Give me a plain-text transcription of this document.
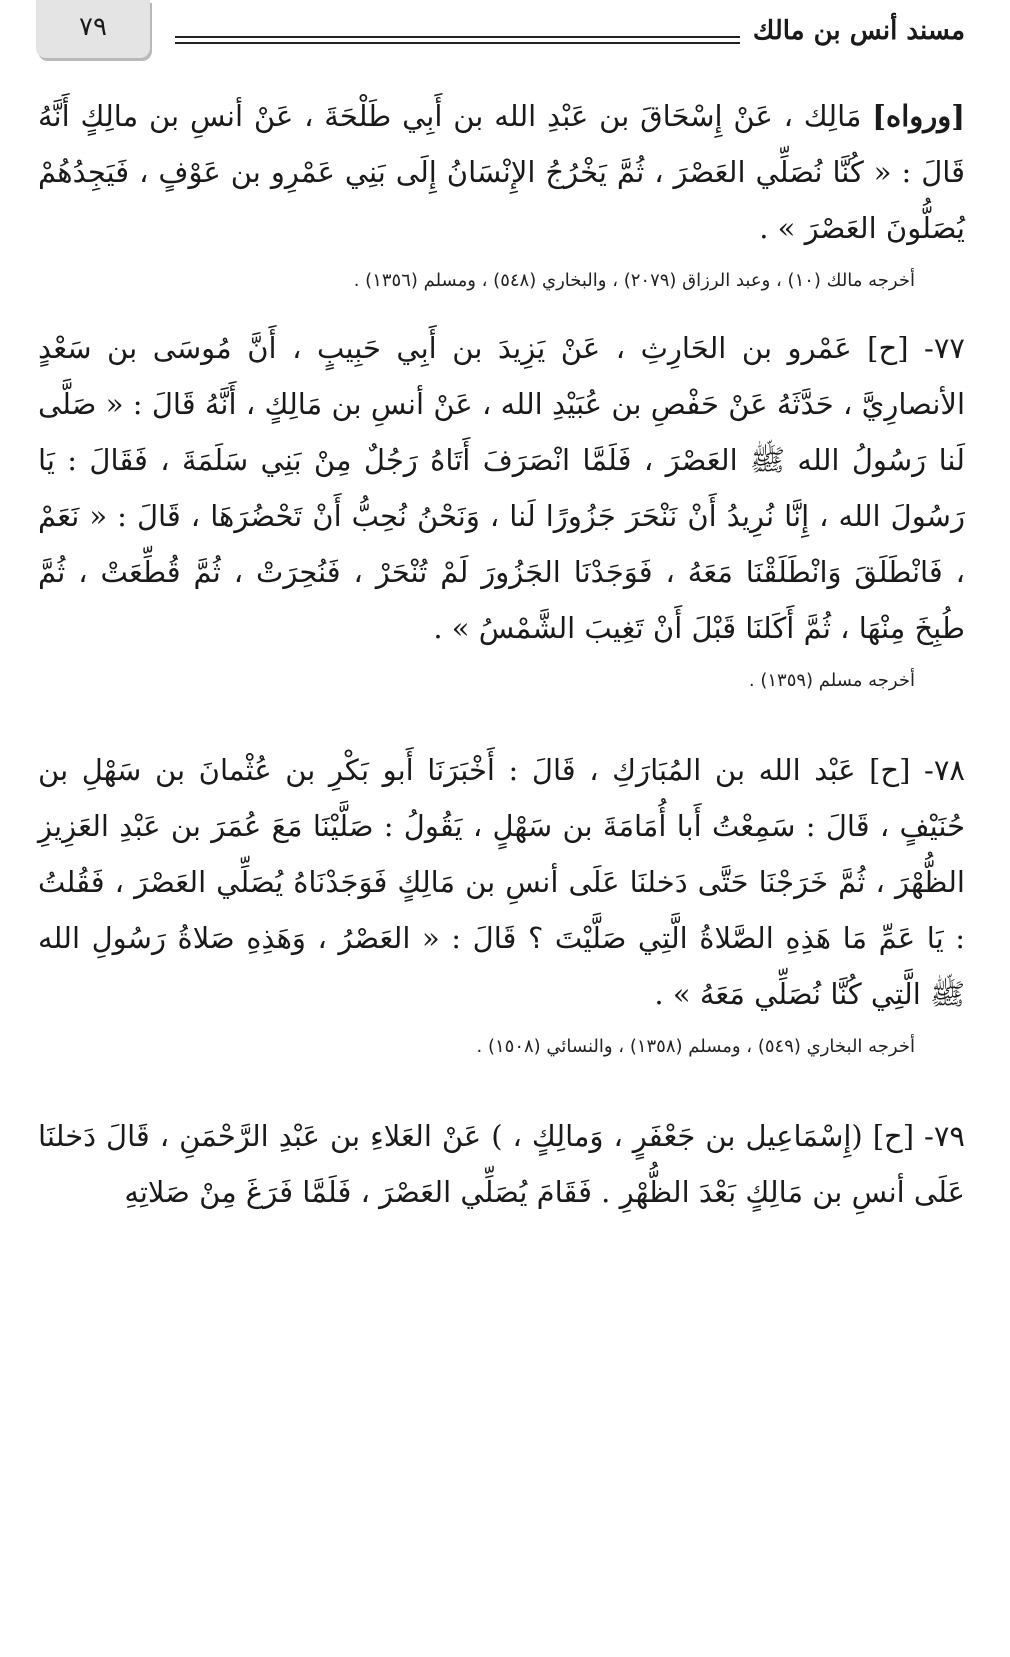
٧٩	مسند أنس بن مالك

[ورواه] مَالِك ، عَنْ إِسْحَاقَ بن عَبْدِ الله بن أَبِي طَلْحَةَ ، عَنْ أنسِ بن مالِكٍ أَنَّهُ قَالَ : « كُنَّا نُصَلِّي العَصْرَ ، ثُمَّ يَخْرُجُ الإِنْسَانُ إِلَى بَنِي عَمْرِو بن عَوْفٍ ، فَيَجِدُهُمْ يُصَلُّونَ العَصْرَ » .

أخرجه مالك (١٠) ، وعبد الرزاق (٢٠٧٩) ، والبخاري (٥٤٨) ، ومسلم (١٣٥٦) .

٧٧- [ح] عَمْرو بن الحَارِثِ ، عَنْ يَزِيدَ بن أَبِي حَبِيبٍ ، أَنَّ مُوسَى بن سَعْدٍ الأنصارِيَّ ، حَدَّثَهُ عَنْ حَفْصِ بن عُبَيْدِ الله ، عَنْ أنسِ بن مَالِكٍ ، أَنَّهُ قَالَ : « صَلَّى لَنا رَسُولُ الله ﷺ العَصْرَ ، فَلَمَّا انْصَرَفَ أَتَاهُ رَجُلٌ مِنْ بَنِي سَلَمَةَ ، فَقَالَ : يَا رَسُولَ الله ، إِنَّا نُرِيدُ أَنْ نَنْحَرَ جَزُورًا لَنا ، وَنَحْنُ نُحِبُّ أَنْ تَحْضُرَهَا ، قَالَ : « نَعَمْ ، فَانْطَلَقَ وَانْطَلَقْنَا مَعَهُ ، فَوَجَدْنَا الجَزُورَ لَمْ تُنْحَرْ ، فَنُحِرَتْ ، ثُمَّ قُطِّعَتْ ، ثُمَّ طُبِخَ مِنْهَا ، ثُمَّ أَكَلنَا قَبْلَ أَنْ تَغِيبَ الشَّمْسُ » .

أخرجه مسلم (١٣٥٩) .

٧٨- [ح] عَبْد الله بن المُبَارَكِ ، قَالَ : أَخْبَرَنَا أَبو بَكْرِ بن عُثْمانَ بن سَهْلِ بن حُنَيْفٍ ، قَالَ : سَمِعْتُ أَبا أُمَامَةَ بن سَهْلٍ ، يَقُولُ : صَلَّيْنَا مَعَ عُمَرَ بن عَبْدِ العَزِيزِ الظُّهْرَ ، ثُمَّ خَرَجْنَا حَتَّى دَخلنَا عَلَى أنسِ بن مَالِكٍ فَوَجَدْنَاهُ يُصَلِّي العَصْرَ ، فَقُلتُ : يَا عَمِّ مَا هَذِهِ الصَّلاةُ الَّتِي صَلَّيْتَ ؟ قَالَ : « العَصْرُ ، وَهَذِهِ صَلاةُ رَسُولِ الله ﷺ الَّتِي كُنَّا نُصَلِّي مَعَهُ » .

أخرجه البخاري (٥٤٩) ، ومسلم (١٣٥٨) ، والنسائي (١٥٠٨) .

٧٩- [ح] (إِسْمَاعِيل بن جَعْفَرٍ ، وَمالِكٍ ، ) عَنْ العَلاءِ بن عَبْدِ الرَّحْمَنِ ، قَالَ دَخلنَا عَلَى أنسِ بن مَالِكٍ بَعْدَ الظُّهْرِ . فَقَامَ يُصَلِّي العَصْرَ ، فَلَمَّا فَرَغَ مِنْ صَلاتِهِ
